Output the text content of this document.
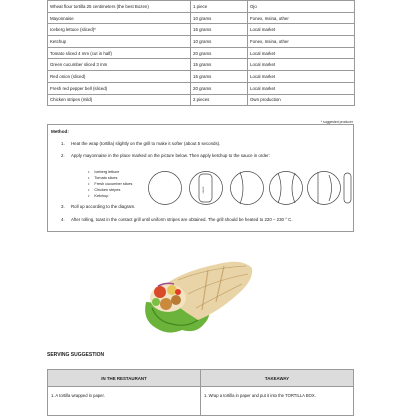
Wheat flour tortilla 25 centimeters (the best Bozen)	1 piece	Ojo
Mayonnaise	10 grams	Fonex, Insina, other
Iceberg lettuce (sliced)*	15 grams	Local market
Ketchup	10 grams	Fonex, Insina, other
Tomato sliced 4 mm (cut in half)	20 grams	Local market
Green cucumber sliced 3 mm	15 grams	Local market
Red onion (sliced)	15 grams	Local market
Fresh red pepper bell (sliced)	20 grams	Local market
Chicken stripes (mild)	2 pieces	Own production
* suggested producer
Method:
1. Heat the wrap (tortilla) slightly on the grill to make it softer (about 5 seconds).
2. Apply mayonnaise in the place marked on the picture below. Then apply ketchup to the sauce in order:
• Iceberg lettuce
• Tomato slices
• Fresh cucumber slices
• Chicken stripes
• Ketchup
sauce
3. Roll up according to the diagram.
4. After rolling, toast in the contact grill until uniform stripes are obtained. The grill should be heated to 220 – 230 ° C.
SERVING SUGGESTION
IN THE RESTAURANT	TAKEAWAY
1. A tortilla wrapped in paper.	1. Wrap a tortilla in paper and put it into the TORTILLA BOX.
